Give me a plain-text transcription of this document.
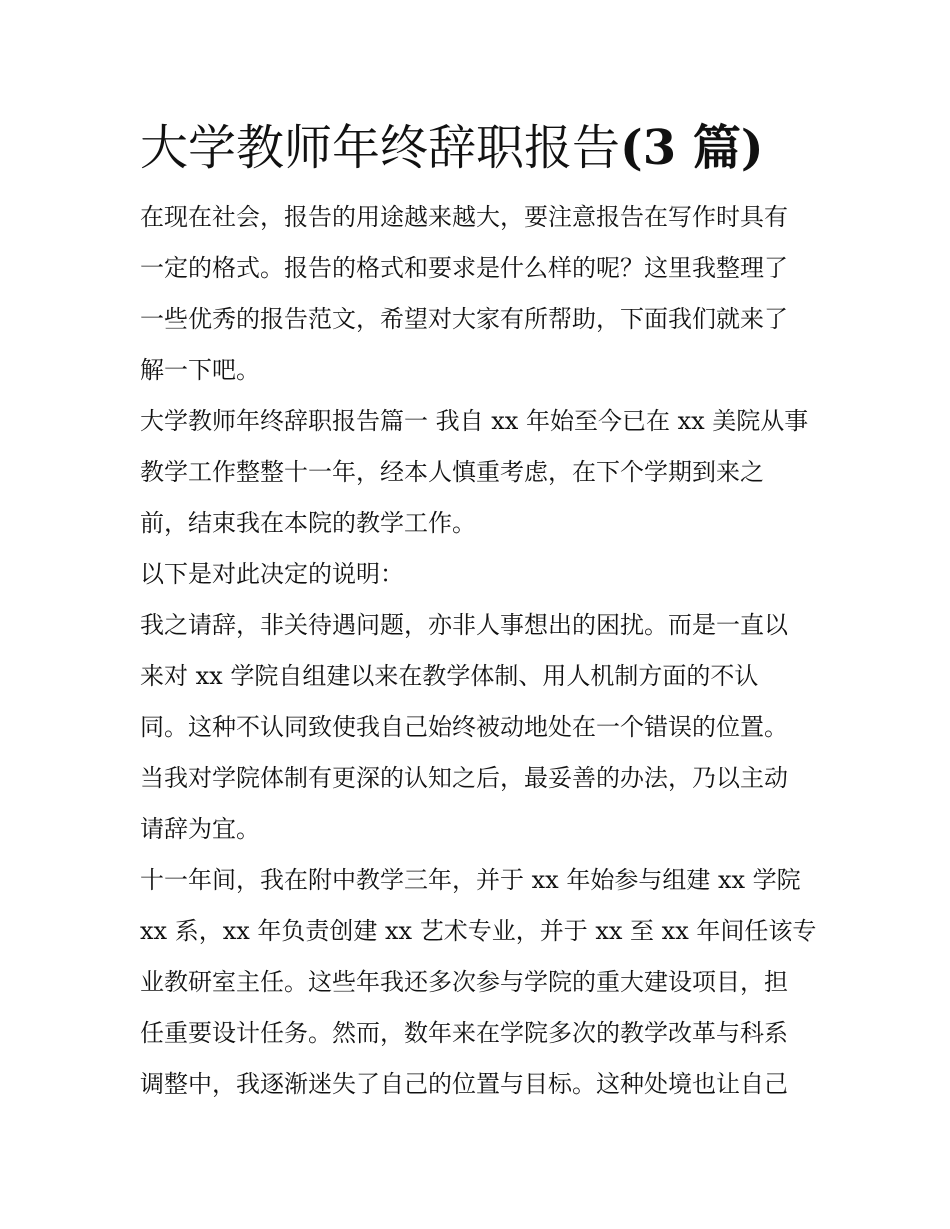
大学教师年终辞职报告(3 篇)
在现在社会，报告的用途越来越大，要注意报告在写作时具有
一定的格式。报告的格式和要求是什么样的呢？这里我整理了
一些优秀的报告范文，希望对大家有所帮助，下面我们就来了
解一下吧。
大学教师年终辞职报告篇一 我自 xx 年始至今已在 xx 美院从事
教学工作整整十一年，经本人慎重考虑，在下个学期到来之
前，结束我在本院的教学工作。
以下是对此决定的说明：
我之请辞，非关待遇问题，亦非人事想出的困扰。而是一直以
来对 xx 学院自组建以来在教学体制、用人机制方面的不认
同。这种不认同致使我自己始终被动地处在一个错误的位置。
当我对学院体制有更深的认知之后，最妥善的办法，乃以主动
请辞为宜。
十一年间，我在附中教学三年，并于 xx 年始参与组建 xx 学院
xx 系，xx 年负责创建 xx 艺术专业，并于 xx 至 xx 年间任该专
业教研室主任。这些年我还多次参与学院的重大建设项目，担
任重要设计任务。然而，数年来在学院多次的教学改革与科系
调整中，我逐渐迷失了自己的位置与目标。这种处境也让自己
